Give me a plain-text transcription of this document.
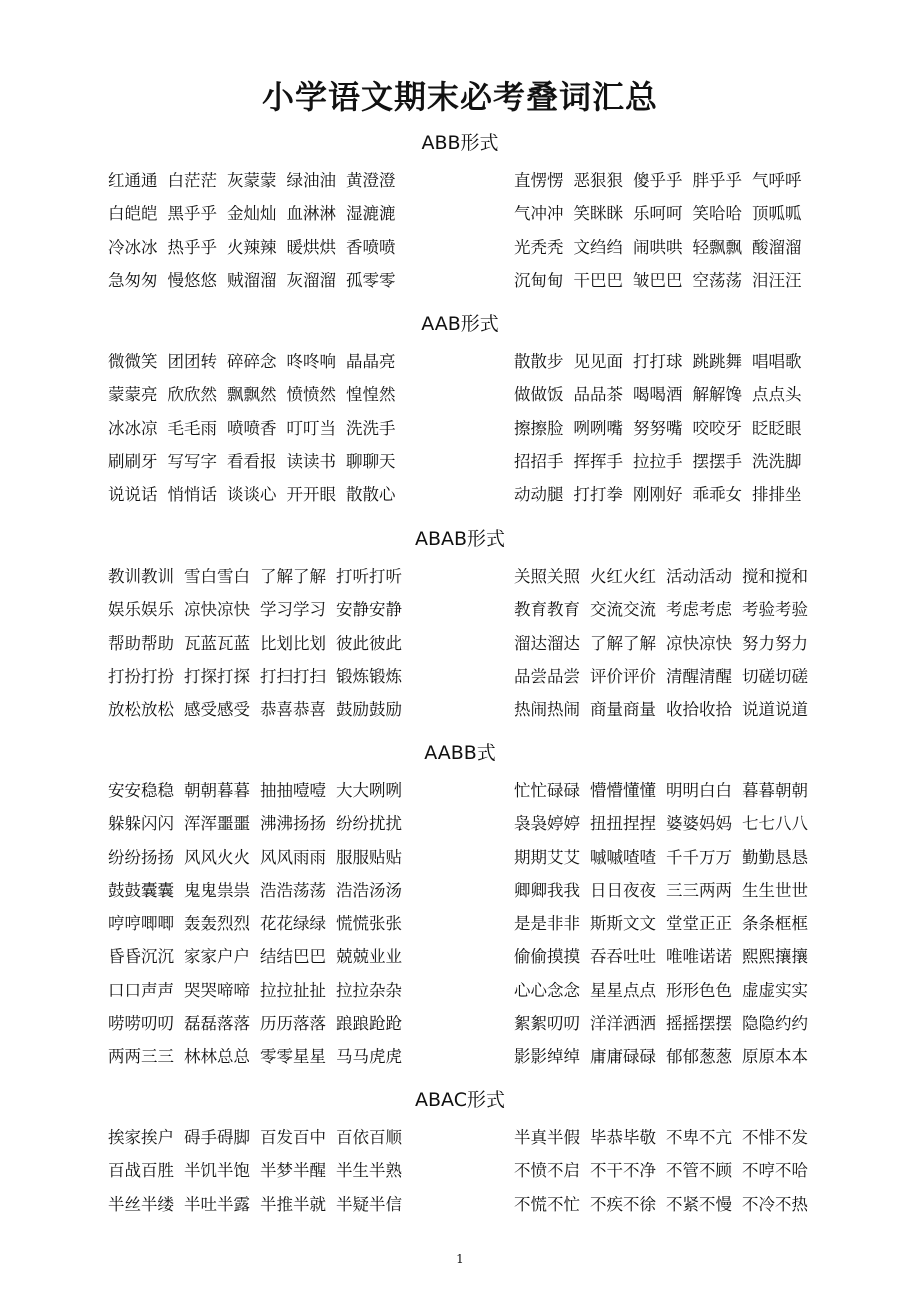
小学语文期末必考叠词汇总
ABB形式
红通通 白茫茫 灰蒙蒙 绿油油 黄澄澄
白皑皑 黑乎乎 金灿灿 血淋淋 湿漉漉
冷冰冰 热乎乎 火辣辣 暖烘烘 香喷喷
急匆匆 慢悠悠 贼溜溜 灰溜溜 孤零零
直愣愣 恶狠狠 傻乎乎 胖乎乎 气呼呼
气冲冲 笑眯眯 乐呵呵 笑哈哈 顶呱呱
光秃秃 文绉绉 闹哄哄 轻飘飘 酸溜溜
沉甸甸 干巴巴 皱巴巴 空荡荡 泪汪汪
AAB形式
微微笑 团团转 碎碎念 咚咚响 晶晶亮
蒙蒙亮 欣欣然 飘飘然 愤愤然 惶惶然
冰冰凉 毛毛雨 喷喷香 叮叮当 洗洗手
刷刷牙 写写字 看看报 读读书 聊聊天
说说话 悄悄话 谈谈心 开开眼 散散心
散散步 见见面 打打球 跳跳舞 唱唱歌
做做饭 品品茶 喝喝酒 解解馋 点点头
擦擦脸 咧咧嘴 努努嘴 咬咬牙 眨眨眼
招招手 挥挥手 拉拉手 摆摆手 洗洗脚
动动腿 打打拳 刚刚好 乖乖女 排排坐
ABAB形式
教训教训 雪白雪白 了解了解 打听打听
娱乐娱乐 凉快凉快 学习学习 安静安静
帮助帮助 瓦蓝瓦蓝 比划比划 彼此彼此
打扮打扮 打探打探 打扫打扫 锻炼锻炼
放松放松 感受感受 恭喜恭喜 鼓励鼓励
关照关照 火红火红 活动活动 搅和搅和
教育教育 交流交流 考虑考虑 考验考验
溜达溜达 了解了解 凉快凉快 努力努力
品尝品尝 评价评价 清醒清醒 切磋切磋
热闹热闹 商量商量 收拾收拾 说道说道
AABB式
安安稳稳 朝朝暮暮 抽抽噎噎 大大咧咧
躲躲闪闪 浑浑噩噩 沸沸扬扬 纷纷扰扰
纷纷扬扬 风风火火 风风雨雨 服服贴贴
鼓鼓囊囊 鬼鬼祟祟 浩浩荡荡 浩浩汤汤
哼哼唧唧 轰轰烈烈 花花绿绿 慌慌张张
昏昏沉沉 家家户户 结结巴巴 兢兢业业
口口声声 哭哭啼啼 拉拉扯扯 拉拉杂杂
唠唠叨叨 磊磊落落 历历落落 踉踉跄跄
两两三三 林林总总 零零星星 马马虎虎
忙忙碌碌 懵懵懂懂 明明白白 暮暮朝朝
袅袅婷婷 扭扭捏捏 婆婆妈妈 七七八八
期期艾艾 嘁嘁喳喳 千千万万 勤勤恳恳
卿卿我我 日日夜夜 三三两两 生生世世
是是非非 斯斯文文 堂堂正正 条条框框
偷偷摸摸 吞吞吐吐 唯唯诺诺 熙熙攘攘
心心念念 星星点点 形形色色 虚虚实实
絮絮叨叨 洋洋洒洒 摇摇摆摆 隐隐约约
影影绰绰 庸庸碌碌 郁郁葱葱 原原本本
ABAC形式
挨家挨户 碍手碍脚 百发百中 百依百顺
百战百胜 半饥半饱 半梦半醒 半生半熟
半丝半缕 半吐半露 半推半就 半疑半信
半真半假 毕恭毕敬 不卑不亢 不悱不发
不愤不启 不干不净 不管不顾 不哼不哈
不慌不忙 不疾不徐 不紧不慢 不冷不热
1
